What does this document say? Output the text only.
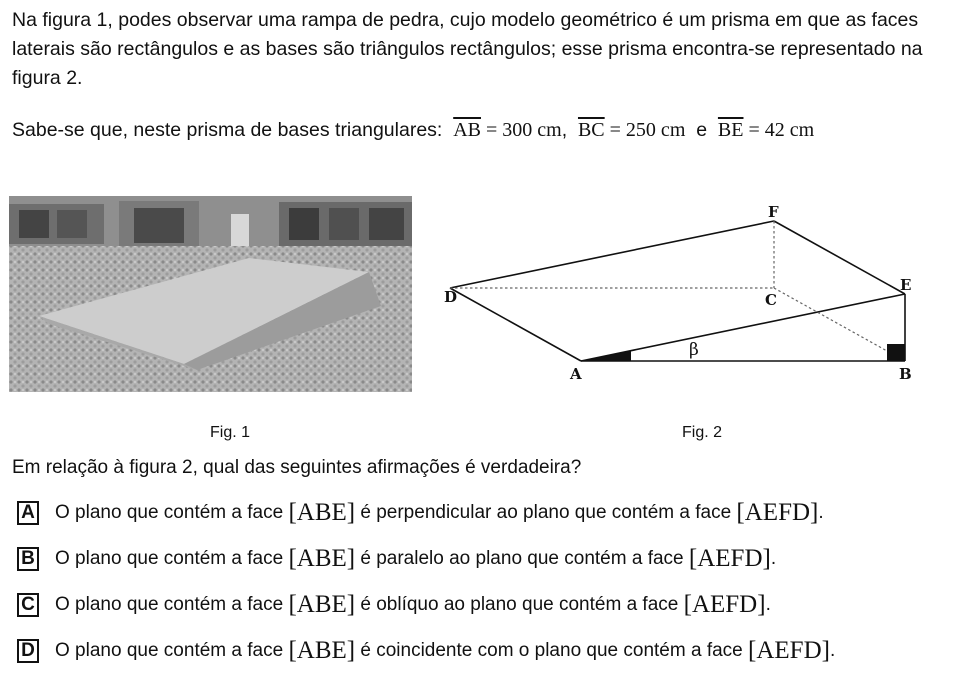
Na figura 1, podes observar uma rampa de pedra, cujo modelo geométrico é um prisma em que as faces laterais são rectângulos e as bases são triângulos rectângulos; esse prisma encontra-se representado na figura 2.
Sabe-se que, neste prisma de bases triangulares: $\overline{AB} = 300$ cm, $\overline{BC} = 250$ cm e $\overline{BE} = 42$ cm
F
E
D	C
A	B
β
Fig. 1	Fig. 2
Em relação à figura 2, qual das seguintes afirmações é verdadeira?
A O plano que contém a face
[ABE]
é perpendicular ao plano que contém a face
[AEFD] .
B O plano que contém a face
[ABE]
é paralelo ao plano que contém a face
[AEFD] .
C O plano que contém a face
[ABE]
é oblíquo ao plano que contém a face
[AEFD] .
D O plano que contém a face
[ABE]
é coincidente com o plano que contém a face
[AEFD] .
